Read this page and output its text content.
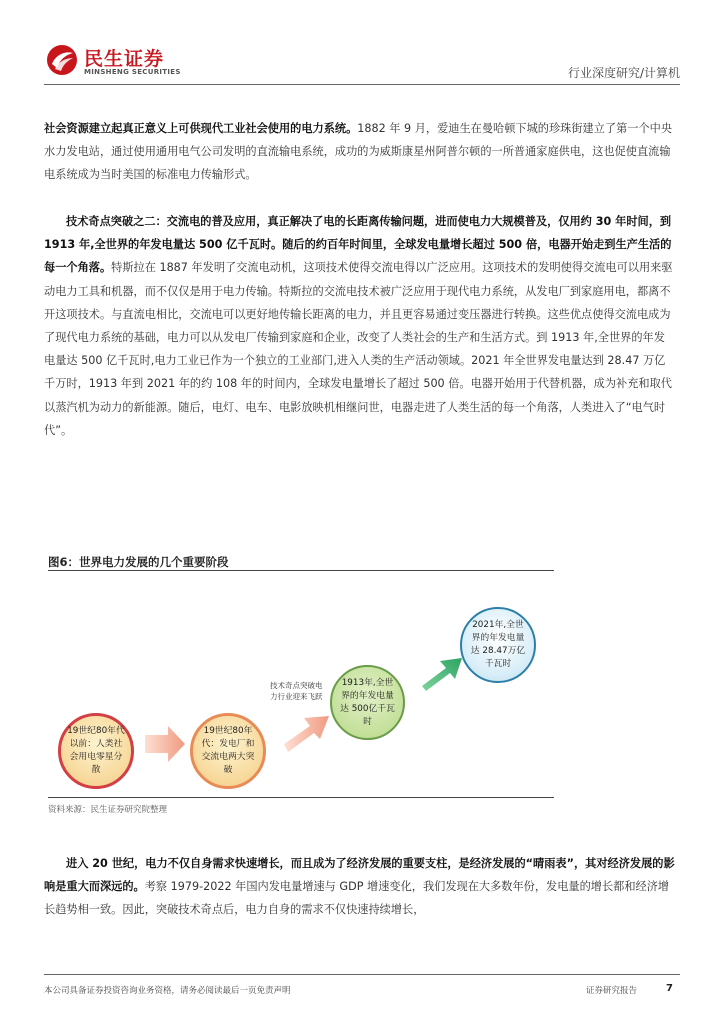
民生证券
MINSHENG SECURITIES	行业深度研究/计算机

社会资源建立起真正意义上可供现代工业社会使用的电力系统。1882 年 9 月，爱迪生在曼哈顿下城的珍珠街建立了第一个中央水力发电站，通过使用通用电气公司发明的直流输电系统，成功的为威斯康星州阿普尔顿的一所普通家庭供电，这也促使直流输电系统成为当时美国的标准电力传输形式。

技术奇点突破之二：交流电的普及应用，真正解决了电的长距离传输问题，进而使电力大规模普及，仅用约 30 年时间，到 1913 年,全世界的年发电量达 500 亿千瓦时。随后的约百年时间里，全球发电量增长超过 500 倍，电器开始走到生产生活的每一个角落。特斯拉在 1887 年发明了交流电动机，这项技术使得交流电得以广泛应用。这项技术的发明使得交流电可以用来驱动电力工具和机器，而不仅仅是用于电力传输。特斯拉的交流电技术被广泛应用于现代电力系统，从发电厂到家庭用电，都离不开这项技术。与直流电相比，交流电可以更好地传输长距离的电力，并且更容易通过变压器进行转换。这些优点使得交流电成为了现代电力系统的基础，电力可以从发电厂传输到家庭和企业，改变了人类社会的生产和生活方式。到 1913 年,全世界的年发电量达 500 亿千瓦时,电力工业已作为一个独立的工业部门,进入人类的生产活动领域。2021 年全世界发电量达到 28.47 万亿千万时，1913 年到 2021 年的约 108 年的时间内，全球发电量增长了超过 500 倍。电器开始用于代替机器，成为补充和取代以蒸汽机为动力的新能源。随后，电灯、电车、电影放映机相继问世，电器走进了人类生活的每一个角落，人类进入了“电气时代”。

图6：世界电力发展的几个重要阶段
19世纪80年代以前：人类社会用电零星分散
19世纪80年代：发电厂和交流电两大突破
1913年,全世界的年发电量达 500亿千瓦时
2021年,全世界的年发电量达 28.47万亿千瓦时
技术奇点突破电力行业迎来飞跃
资料来源：民生证券研究院整理

进入 20 世纪，电力不仅自身需求快速增长，而且成为了经济发展的重要支柱，是经济发展的“晴雨表”，其对经济发展的影响是重大而深远的。考察 1979-2022 年国内发电量增速与 GDP 增速变化，我们发现在大多数年份，发电量的增长都和经济增长趋势相一致。因此，突破技术奇点后，电力自身的需求不仅快速持续增长，

本公司具备证券投资咨询业务资格，请务必阅读最后一页免责声明	证券研究报告	7
